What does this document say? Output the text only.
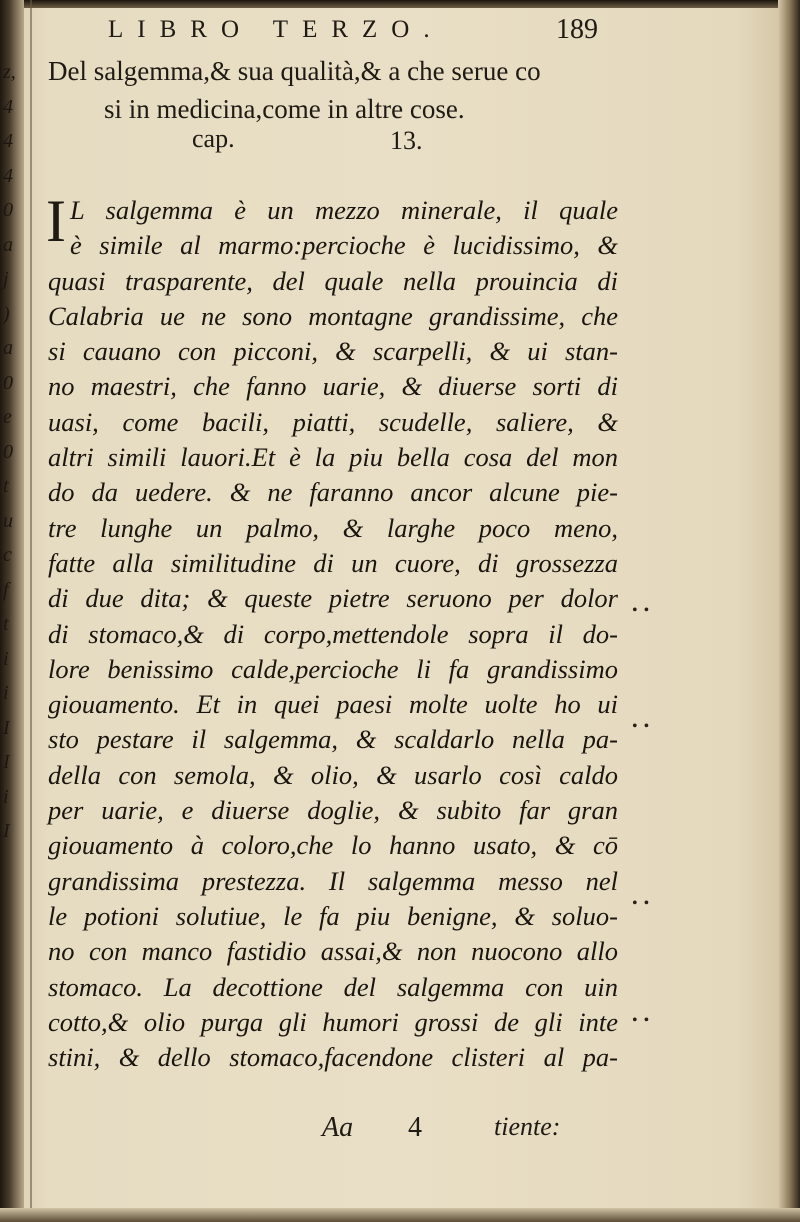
z,
4
4
4
0
a
j
)
a
0
e
0
t
u
c
f
t
i
i
I
I
i
I
LIBRO TERZO.	189
Del salgemma,& sua qualità,& a che serue co
si in medicina,come in altre cose.
cap.	13.
I L salgemma è un mezzo minerale, il quale
è simile al marmo:percioche è lucidissimo, &
quasi trasparente, del quale nella prouincia di
Calabria ue ne sono montagne grandissime, che
si cauano con picconi, & scarpelli, & ui stan-
no maestri, che fanno uarie, & diuerse sorti di
uasi, come bacili, piatti, scudelle, saliere, &
altri simili lauori.Et è la piu bella cosa del mon
do da uedere. & ne faranno ancor alcune pie-
tre lunghe un palmo, & larghe poco meno,
fatte alla similitudine di un cuore, di grossezza
di due dita; & queste pietre seruono per dolor
di stomaco,& di corpo,mettendole sopra il do-
lore benissimo calde,percioche li fa grandissimo
giouamento. Et in quei paesi molte uolte ho ui
sto pestare il salgemma, & scaldarlo nella pa-
della con semola, & olio, & usarlo così caldo
per uarie, e diuerse doglie, & subito far gran
giouamento à coloro,che lo hanno usato, & cō
grandissima prestezza. Il salgemma messo nel
le potioni solutiue, le fa piu benigne, & soluo-
no con manco fastidio assai,& non nuocono allo
stomaco. La decottione del salgemma con uin
cotto,& olio purga gli humori grossi de gli inte
stini, & dello stomaco,facendone clisteri al pa-
• •
• •
• •
• •
Aa 4	tiente:
